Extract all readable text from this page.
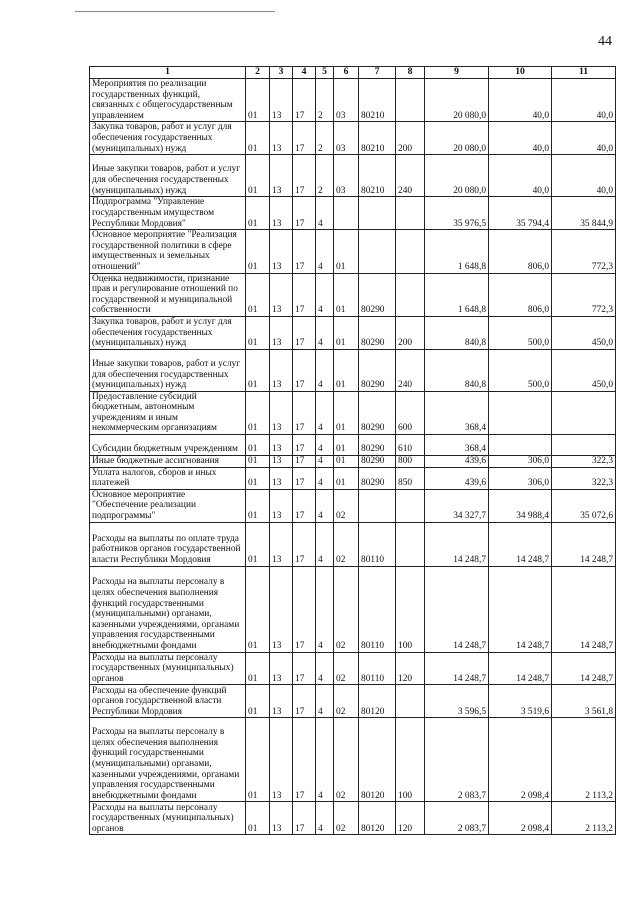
44
1	2	3	4	5	6	7	8	9	10	11
Мероприятия по реализации государственных функций, связанных с общегосударственным управлением	01	13	17	2	03	80210		20 080,0	40,0	40,0
Закупка товаров, работ и услуг для обеспечения государственных (муниципальных) нужд	01	13	17	2	03	80210	200	20 080,0	40,0	40,0
Иные закупки товаров, работ и услуг для обеспечения государственных (муниципальных) нужд	01	13	17	2	03	80210	240	20 080,0	40,0	40,0
Подпрограмма "Управление государственным имуществом Республики Мордовия"	01	13	17	4				35 976,5	35 794,4	35 844,9
Основное мероприятие "Реализация государственной политики в сфере имущественных и земельных отношений"	01	13	17	4	01			1 648,8	806,0	772,3
Оценка недвижимости, признание прав и регулирование отношений по государственной и муниципальной собственности	01	13	17	4	01	80290		1 648,8	806,0	772,3
Закупка товаров, работ и услуг для обеспечения государственных (муниципальных) нужд	01	13	17	4	01	80290	200	840,8	500,0	450,0
Иные закупки товаров, работ и услуг для обеспечения государственных (муниципальных) нужд	01	13	17	4	01	80290	240	840,8	500,0	450,0
Предоставление субсидий бюджетным, автономным учреждениям и иным некоммерческим организациям	01	13	17	4	01	80290	600	368,4		
Субсидии бюджетным учреждениям	01	13	17	4	01	80290	610	368,4		
Иные бюджетные ассигнования	01	13	17	4	01	80290	800	439,6	306,0	322,3
Уплата налогов, сборов и иных платежей	01	13	17	4	01	80290	850	439,6	306,0	322,3
Основное мероприятие "Обеспечение реализации подпрограммы"	01	13	17	4	02			34 327,7	34 988,4	35 072,6
Расходы на выплаты по оплате труда работников органов государственной власти Республики Мордовия	01	13	17	4	02	80110		14 248,7	14 248,7	14 248,7
Расходы на выплаты персоналу в целях обеспечения выполнения функций государственными (муниципальными) органами, казенными учреждениями, органами управления государственными внебюджетными фондами	01	13	17	4	02	80110	100	14 248,7	14 248,7	14 248,7
Расходы на выплаты персоналу государственных (муниципальных) органов	01	13	17	4	02	80110	120	14 248,7	14 248,7	14 248,7
Расходы на обеспечение функций органов государственной власти Республики Мордовия	01	13	17	4	02	80120		3 596,5	3 519,6	3 561,8
Расходы на выплаты персоналу в целях обеспечения выполнения функций государственными (муниципальными) органами, казенными учреждениями, органами управления государственными внебюджетными фондами	01	13	17	4	02	80120	100	2 083,7	2 098,4	2 113,2
Расходы на выплаты персоналу государственных (муниципальных) органов	01	13	17	4	02	80120	120	2 083,7	2 098,4	2 113,2
